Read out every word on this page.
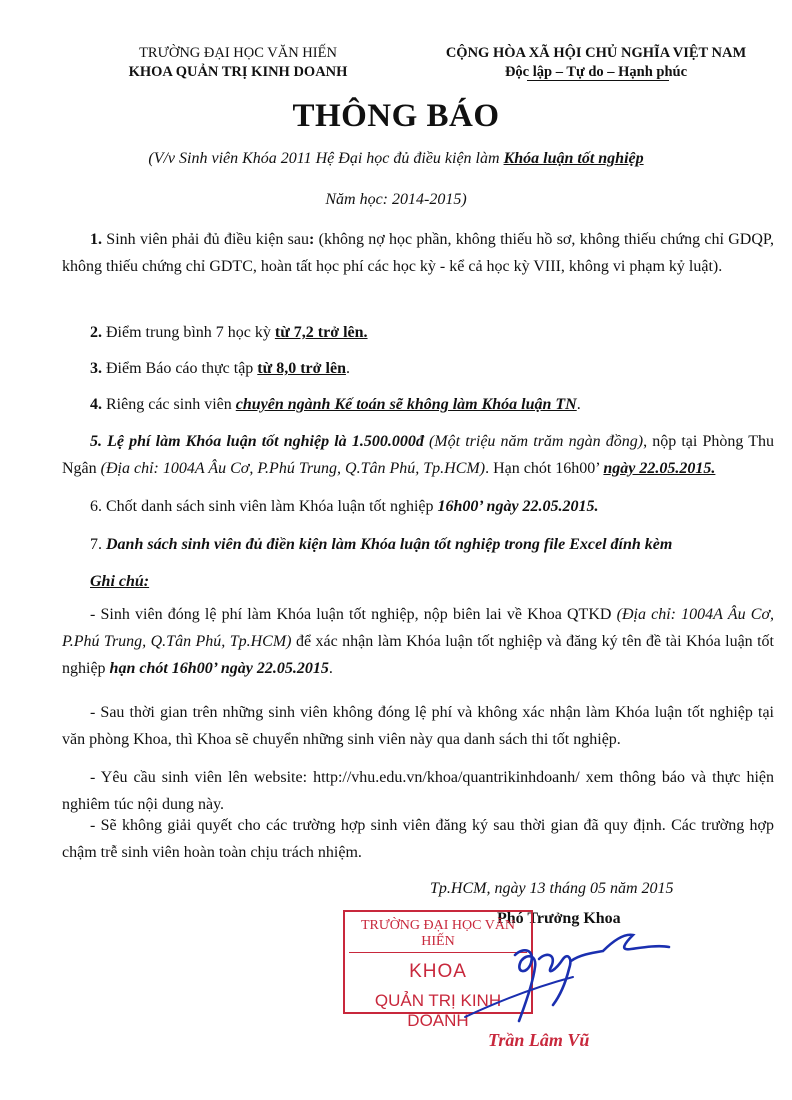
TRƯỜNG ĐẠI HỌC VĂN HIẾN
KHOA QUẢN TRỊ KINH DOANH
CỘNG HÒA XÃ HỘI CHỦ NGHĨA VIỆT NAM
Độc lập – Tự do – Hạnh phúc
THÔNG BÁO
(V/v Sinh viên Khóa 2011 Hệ Đại học đủ điều kiện làm Khóa luận tốt nghiệp
Năm học: 2014-2015)
1. Sinh viên phải đủ điều kiện sau: (không nợ học phần, không thiếu hồ sơ, không thiếu chứng chỉ GDQP, không thiếu chứng chỉ GDTC, hoàn tất học phí các học kỳ - kể cả học kỳ VIII, không vi phạm kỷ luật).
2. Điểm trung bình 7 học kỳ từ 7,2 trở lên.
3. Điểm Báo cáo thực tập từ 8,0 trở lên.
4. Riêng các sinh viên chuyên ngành Kế toán sẽ không làm Khóa luận TN.
5. Lệ phí làm Khóa luận tốt nghiệp là 1.500.000đ (Một triệu năm trăm ngàn đồng), nộp tại Phòng Thu Ngân (Địa chỉ: 1004A Âu Cơ, P.Phú Trung, Q.Tân Phú, Tp.HCM). Hạn chót 16h00’ ngày 22.05.2015.
6. Chốt danh sách sinh viên làm Khóa luận tốt nghiệp 16h00’ ngày 22.05.2015.
7. Danh sách sinh viên đủ điền kiện làm Khóa luận tốt nghiệp trong file Excel đính kèm
Ghi chú:
- Sinh viên đóng lệ phí làm Khóa luận tốt nghiệp, nộp biên lai về Khoa QTKD (Địa chỉ: 1004A Âu Cơ, P.Phú Trung, Q.Tân Phú, Tp.HCM) để xác nhận làm Khóa luận tốt nghiệp và đăng ký tên đề tài Khóa luận tốt nghiệp hạn chót 16h00’ ngày 22.05.2015.
- Sau thời gian trên những sinh viên không đóng lệ phí và không xác nhận làm Khóa luận tốt nghiệp tại văn phòng Khoa, thì Khoa sẽ chuyển những sinh viên này qua danh sách thi tốt nghiệp.
- Yêu cầu sinh viên lên website: http://vhu.edu.vn/khoa/quantrikinhdoanh/ xem thông báo và thực hiện nghiêm túc nội dung này.
- Sẽ không giải quyết cho các trường hợp sinh viên đăng ký sau thời gian đã quy định. Các trường hợp chậm trễ sinh viên hoàn toàn chịu trách nhiệm.
Tp.HCM, ngày 13 tháng 05 năm 2015
Phó Trưởng Khoa
TRƯỜNG ĐẠI HỌC VĂN HIẾN
KHOA
QUẢN TRỊ KINH DOANH
Trần Lâm Vũ
